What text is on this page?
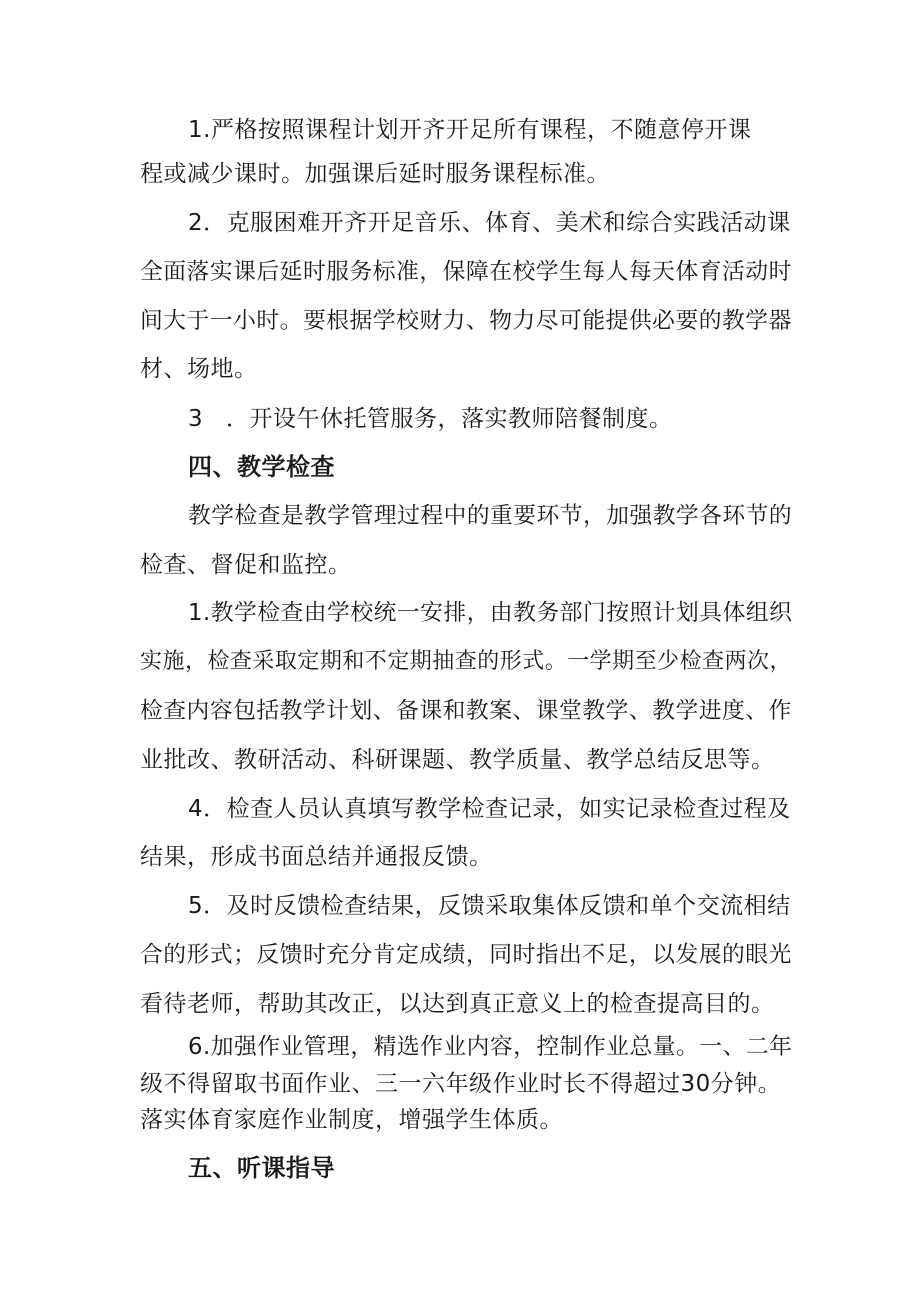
1.严格按照课程计划开齐开足所有课程，不随意停开课

程或减少课时。加强课后延时服务课程标准。

2．克服困难开齐开足音乐、体育、美术和综合实践活动课

全面落实课后延时服务标准，保障在校学生每人每天体育活动时

间大于一小时。要根据学校财力、物力尽可能提供必要的教学器

材、场地。

3 ．开设午休托管服务，落实教师陪餐制度。

四、教学检查

教学检查是教学管理过程中的重要环节，加强教学各环节的

检查、督促和监控。

1.教学检查由学校统一安排，由教务部门按照计划具体组织

实施，检查采取定期和不定期抽查的形式。一学期至少检查两次，

检查内容包括教学计划、备课和教案、课堂教学、教学进度、作

业批改、教研活动、科研课题、教学质量、教学总结反思等。

4．检查人员认真填写教学检查记录，如实记录检查过程及

结果，形成书面总结并通报反馈。

5．及时反馈检查结果，反馈采取集体反馈和单个交流相结

合的形式；反馈时充分肯定成绩，同时指出不足，以发展的眼光

看待老师，帮助其改正，以达到真正意义上的检查提高目的。

6.加强作业管理，精选作业内容，控制作业总量。一、二年

级不得留取书面作业、三一六年级作业时长不得超过30分钟。

落实体育家庭作业制度，增强学生体质。

五、听课指导
